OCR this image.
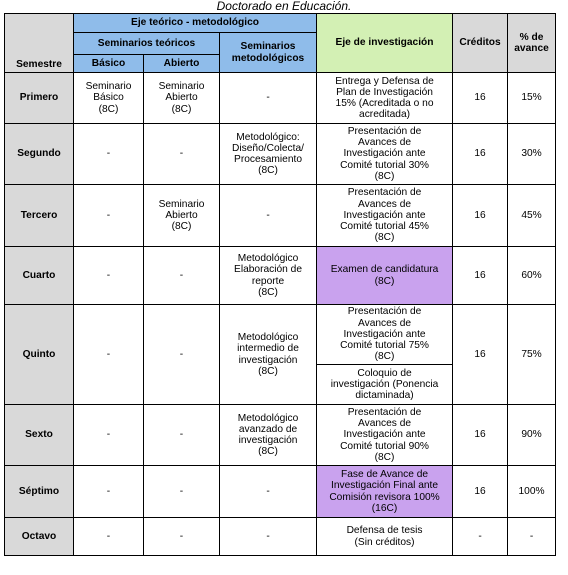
Doctorado en Educación.
Semestre	Eje teórico - metodológico			Eje de investigación	Créditos	% de
avance
	Seminarios teóricos		Seminarios
metodológicos			
	Básico	Abierto				
Primero	Seminario
Básico
(8C)	Seminario
Abierto
(8C)	-	Entrega y Defensa de
Plan de Investigación
15% (Acreditada o no
acreditada)	16	15%
Segundo	-	-	Metodológico:
Diseño/Colecta/
Procesamiento
(8C)	Presentación de
Avances de
Investigación ante
Comité tutorial 30%
(8C)	16	30%
Tercero	-	Seminario
Abierto
(8C)	-	Presentación de
Avances de
Investigación ante
Comité tutorial 45%
(8C)	16	45%
Cuarto	-	-	Metodológico
Elaboración de
reporte
(8C)	Examen de candidatura
(8C)	16	60%
Quinto	-	-	Metodológico
intermedio de
investigación
(8C)	Presentación de
Avances de
Investigación ante
Comité tutorial 75%
(8C)	16	75%
				Coloquio de
investigación (Ponencia
dictaminada)		
Sexto	-	-	Metodológico
avanzado de
investigación
(8C)	Presentación de
Avances de
Investigación ante
Comité tutorial 90%
(8C)	16	90%
Séptimo	-	-	-	Fase de Avance de
Investigación Final ante
Comisión revisora 100%
(16C)	16	100%
Octavo	-	-	-	Defensa de tesis
(Sin créditos)	-	-
